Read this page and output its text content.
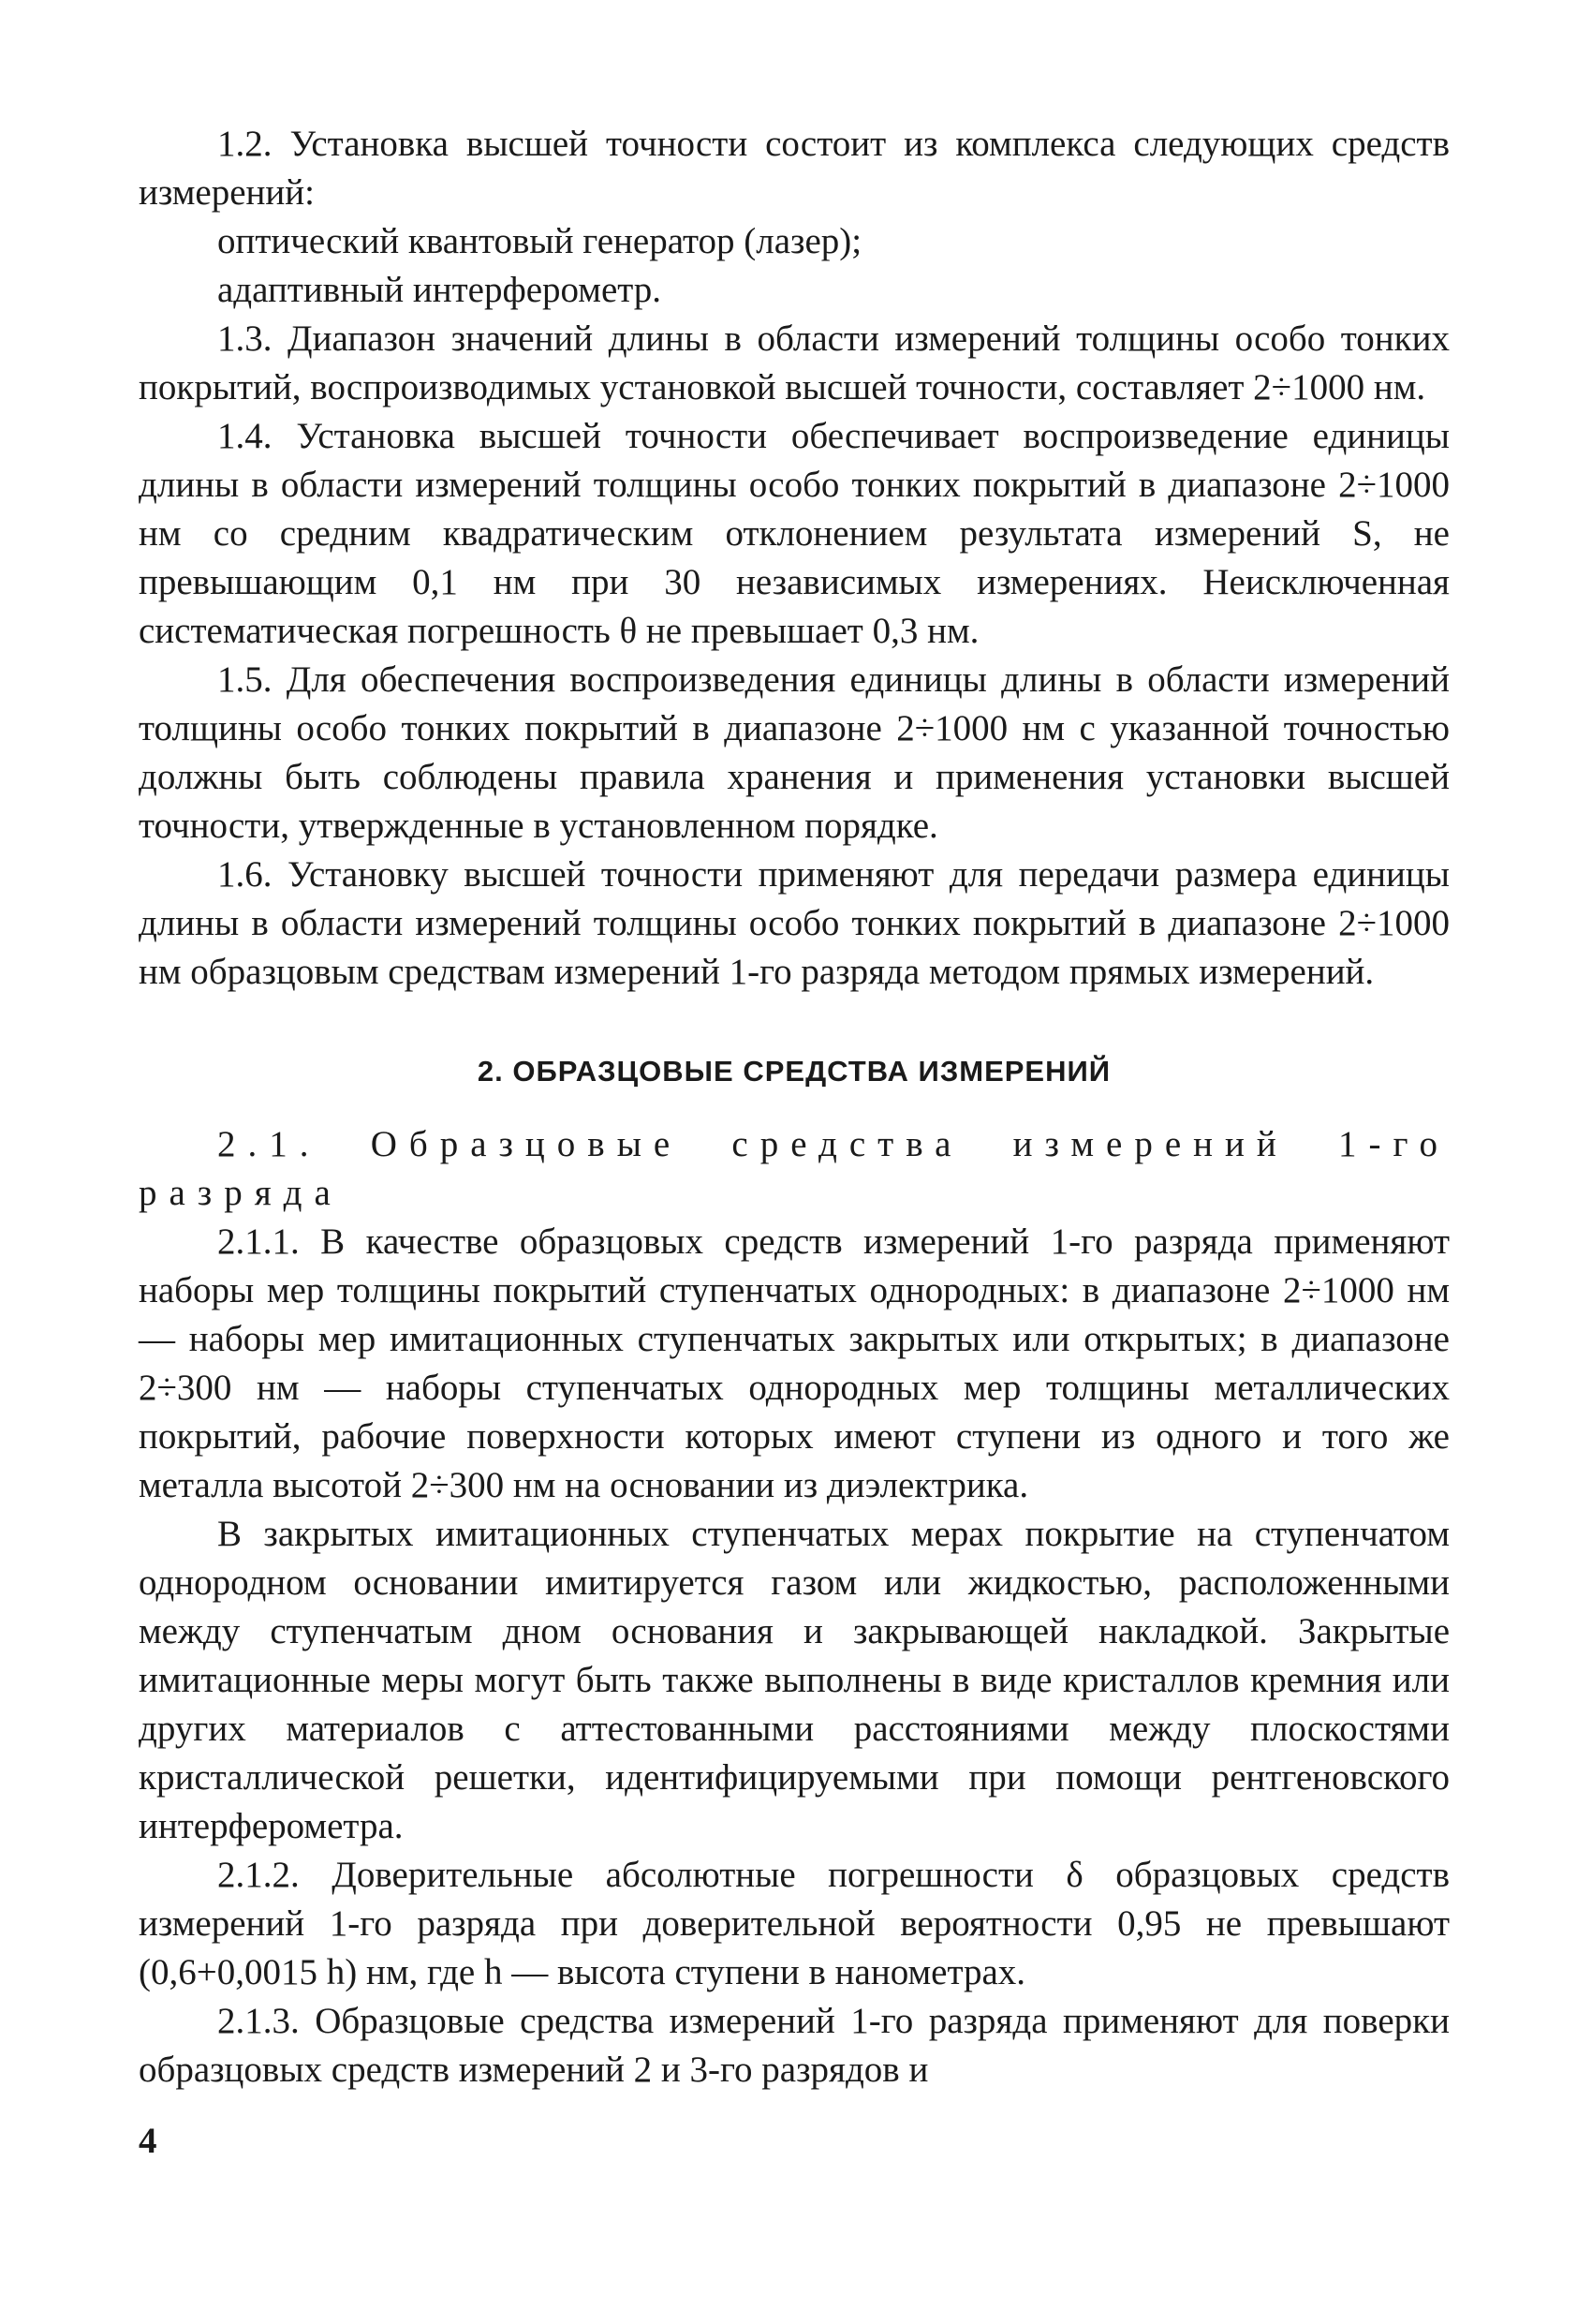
1.2. Установка высшей точности состоит из комплекса следующих средств измерений:

оптический квантовый генератор (лазер);

адаптивный интерферометр.

1.3. Диапазон значений длины в области измерений толщины особо тонких покрытий, воспроизводимых установкой высшей точности, составляет 2÷1000 нм.

1.4. Установка высшей точности обеспечивает воспроизведение единицы длины в области измерений толщины особо тонких покрытий в диапазоне 2÷1000 нм со средним квадратическим отклонением результата измерений S, не превышающим 0,1 нм при 30 независимых измерениях. Неисключенная систематическая погрешность θ не превышает 0,3 нм.

1.5. Для обеспечения воспроизведения единицы длины в области измерений толщины особо тонких покрытий в диапазоне 2÷1000 нм с указанной точностью должны быть соблюдены правила хранения и применения установки высшей точности, утвержденные в установленном порядке.

1.6. Установку высшей точности применяют для передачи размера единицы длины в области измерений толщины особо тонких покрытий в диапазоне 2÷1000 нм образцовым средствам измерений 1-го разряда методом прямых измерений.

2. ОБРАЗЦОВЫЕ СРЕДСТВА ИЗМЕРЕНИЙ

2.1. Образцовые средства измерений 1-го разряда

2.1.1. В качестве образцовых средств измерений 1-го разряда применяют наборы мер толщины покрытий ступенчатых однородных: в диапазоне 2÷1000 нм — наборы мер имитационных ступенчатых закрытых или открытых; в диапазоне 2÷300 нм — наборы ступенчатых однородных мер толщины металлических покрытий, рабочие поверхности которых имеют ступени из одного и того же металла высотой 2÷300 нм на основании из диэлектрика.

В закрытых имитационных ступенчатых мерах покрытие на ступенчатом однородном основании имитируется газом или жидкостью, расположенными между ступенчатым дном основания и закрывающей накладкой. Закрытые имитационные меры могут быть также выполнены в виде кристаллов кремния или других материалов с аттестованными расстояниями между плоскостями кристаллической решетки, идентифицируемыми при помощи рентгеновского интерферометра.

2.1.2. Доверительные абсолютные погрешности δ образцовых средств измерений 1-го разряда при доверительной вероятности 0,95 не превышают (0,6+0,0015 h) нм, где h — высота ступени в нанометрах.

2.1.3. Образцовые средства измерений 1-го разряда применяют для поверки образцовых средств измерений 2 и 3-го разрядов и

4
